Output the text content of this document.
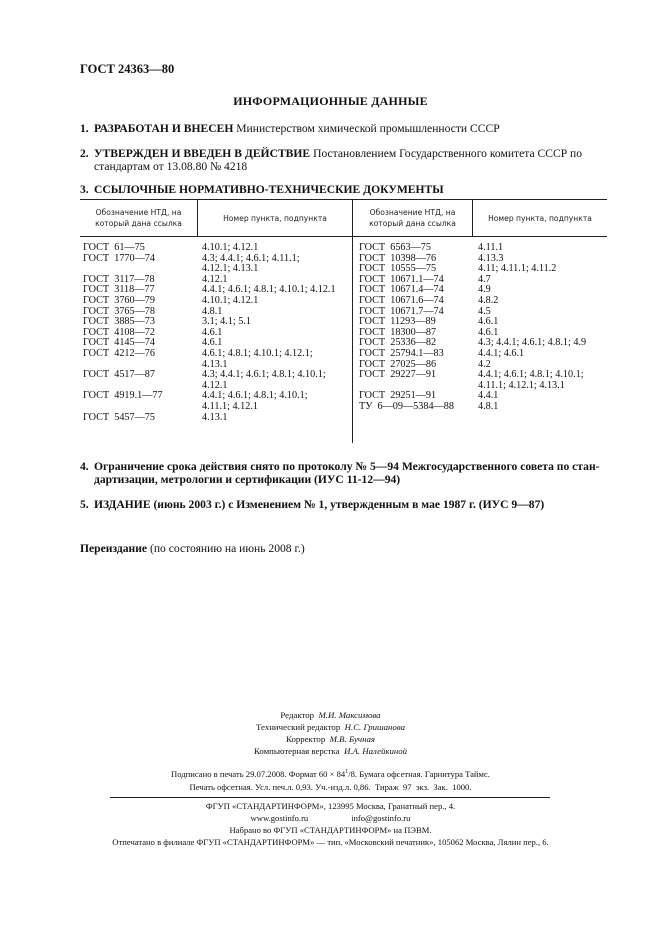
ГОСТ 24363—80
ИНФОРМАЦИОННЫЕ ДАННЫЕ
1. РАЗРАБОТАН И ВНЕСЕН Министерством химической промышленности СССР
2. УТВЕРЖДЕН И ВВЕДЕН В ДЕЙСТВИЕ Постановлением Государственного комитета СССР по
стандартам от 13.08.80 № 4218
3. ССЫЛОЧНЫЕ НОРМАТИВНО-ТЕХНИЧЕСКИЕ ДОКУМЕНТЫ
Обозначение НТД, на
который дана ссылка
Номер пункта, подпункта
Обозначение НТД, на
который дана ссылка
Номер пункта, подпункта
ГОСТ  61—75	4.10.1; 4.12.1
ГОСТ  1770—74	4.3; 4.4.1; 4.6.1; 4.11.1;
4.12.1; 4.13.1
ГОСТ  3117—78	4.12.1
ГОСТ  3118—77	4.4.1; 4.6.1; 4.8.1; 4.10.1; 4.12.1
ГОСТ  3760—79	4.10.1; 4.12.1
ГОСТ  3765—78	4.8.1
ГОСТ  3885—73	3.1; 4.1; 5.1
ГОСТ  4108—72	4.6.1
ГОСТ  4145—74	4.6.1
ГОСТ  4212—76	4.6.1; 4.8.1; 4.10.1; 4.12.1;
4.13.1
ГОСТ  4517—87	4.3; 4.4.1; 4.6.1; 4.8.1; 4.10.1;
4.12.1
ГОСТ  4919.1—77	4.4.1; 4.6.1; 4.8.1; 4.10.1;
4.11.1; 4.12.1
ГОСТ  5457—75	4.13.1
ГОСТ  6563—75	4.11.1
ГОСТ  10398—76	4.13.3
ГОСТ  10555—75	4.11; 4.11.1; 4.11.2
ГОСТ  10671.1—74	4.7
ГОСТ  10671.4—74	4.9
ГОСТ  10671.6—74	4.8.2
ГОСТ  10671.7—74	4.5
ГОСТ  11293—89	4.6.1
ГОСТ  18300—87	4.6.1
ГОСТ  25336—82	4.3; 4.4.1; 4.6.1; 4.8.1; 4.9
ГОСТ  25794.1—83	4.4.1; 4.6.1
ГОСТ  27025—86	4.2
ГОСТ  29227—91	4.4.1; 4.6.1; 4.8.1; 4.10.1;
4.11.1; 4.12.1; 4.13.1
ГОСТ  29251—91	4.4.1
ТУ  6—09—5384—88 4.8.1
4. Ограничение срока действия снято по протоколу № 5—94 Межгосударственного совета по стан-
дартизации, метрологии и сертификации (ИУС 11-12—94)
5. ИЗДАНИЕ (июнь 2003 г.) с Изменением № 1, утвержденным в мае 1987 г. (ИУС 9—87)
Переиздание (по состоянию на июнь 2008 г.)
Редактор М.И. Максимова
Технический редактор Н.С. Гришанова
Корректор М.В. Бучная
Компьютерная верстка И.А. Налейкиной
Подписано в печать 29.07.2008. Формат $60 \times 84^1/8$. Бумага офсетная. Гарнитура Таймс.
Печать офсетная. Усл. печ.л. 0,93. Уч.-изд.л. 0,86.  Тираж  97  экз.  Зак.  1000.
ФГУП «СТАНДАРТИНФОРМ», 123995 Москва, Гранатный пер., 4.
www.gostinfo.ru	info@gostinfo.ru
Набрано во ФГУП «СТАНДАРТИНФОРМ» на ПЭВМ.
Отпечатано в филиале ФГУП «СТАНДАРТИНФОРМ» — тип. «Московский печатник», 105062 Москва, Лялин пер., 6.
